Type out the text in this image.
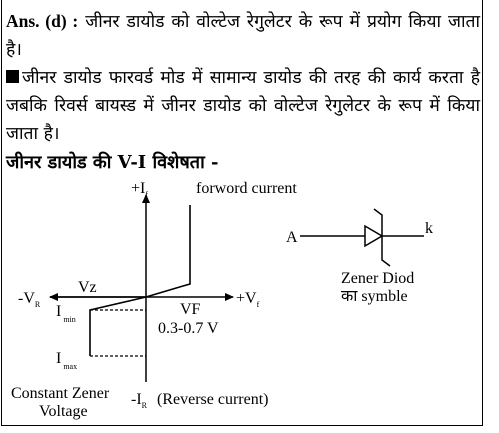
Ans. (d) : जीनर डायोड को वोल्टेज रेगुलेटर के रूप में प्रयोग किया जाता है।

जीनर डायोड फारवर्ड मोड में सामान्य डायोड की तरह की कार्य करता है जबकि रिवर्स बायस्ड में जीनर डायोड को वोल्टेज रेगुलेटर के रूप में किया जाता है।

जीनर डायोड की V-I विशेषता -

$+I_f$	forword current
$-V_R$	$+V_f$
Vz
I $_{min}$
VF
0.3-0.7 V
I $_{max}$
Constant Zener
Voltage
$-I_R$ (Reverse current)
A
k
Zener Diod
का symble
